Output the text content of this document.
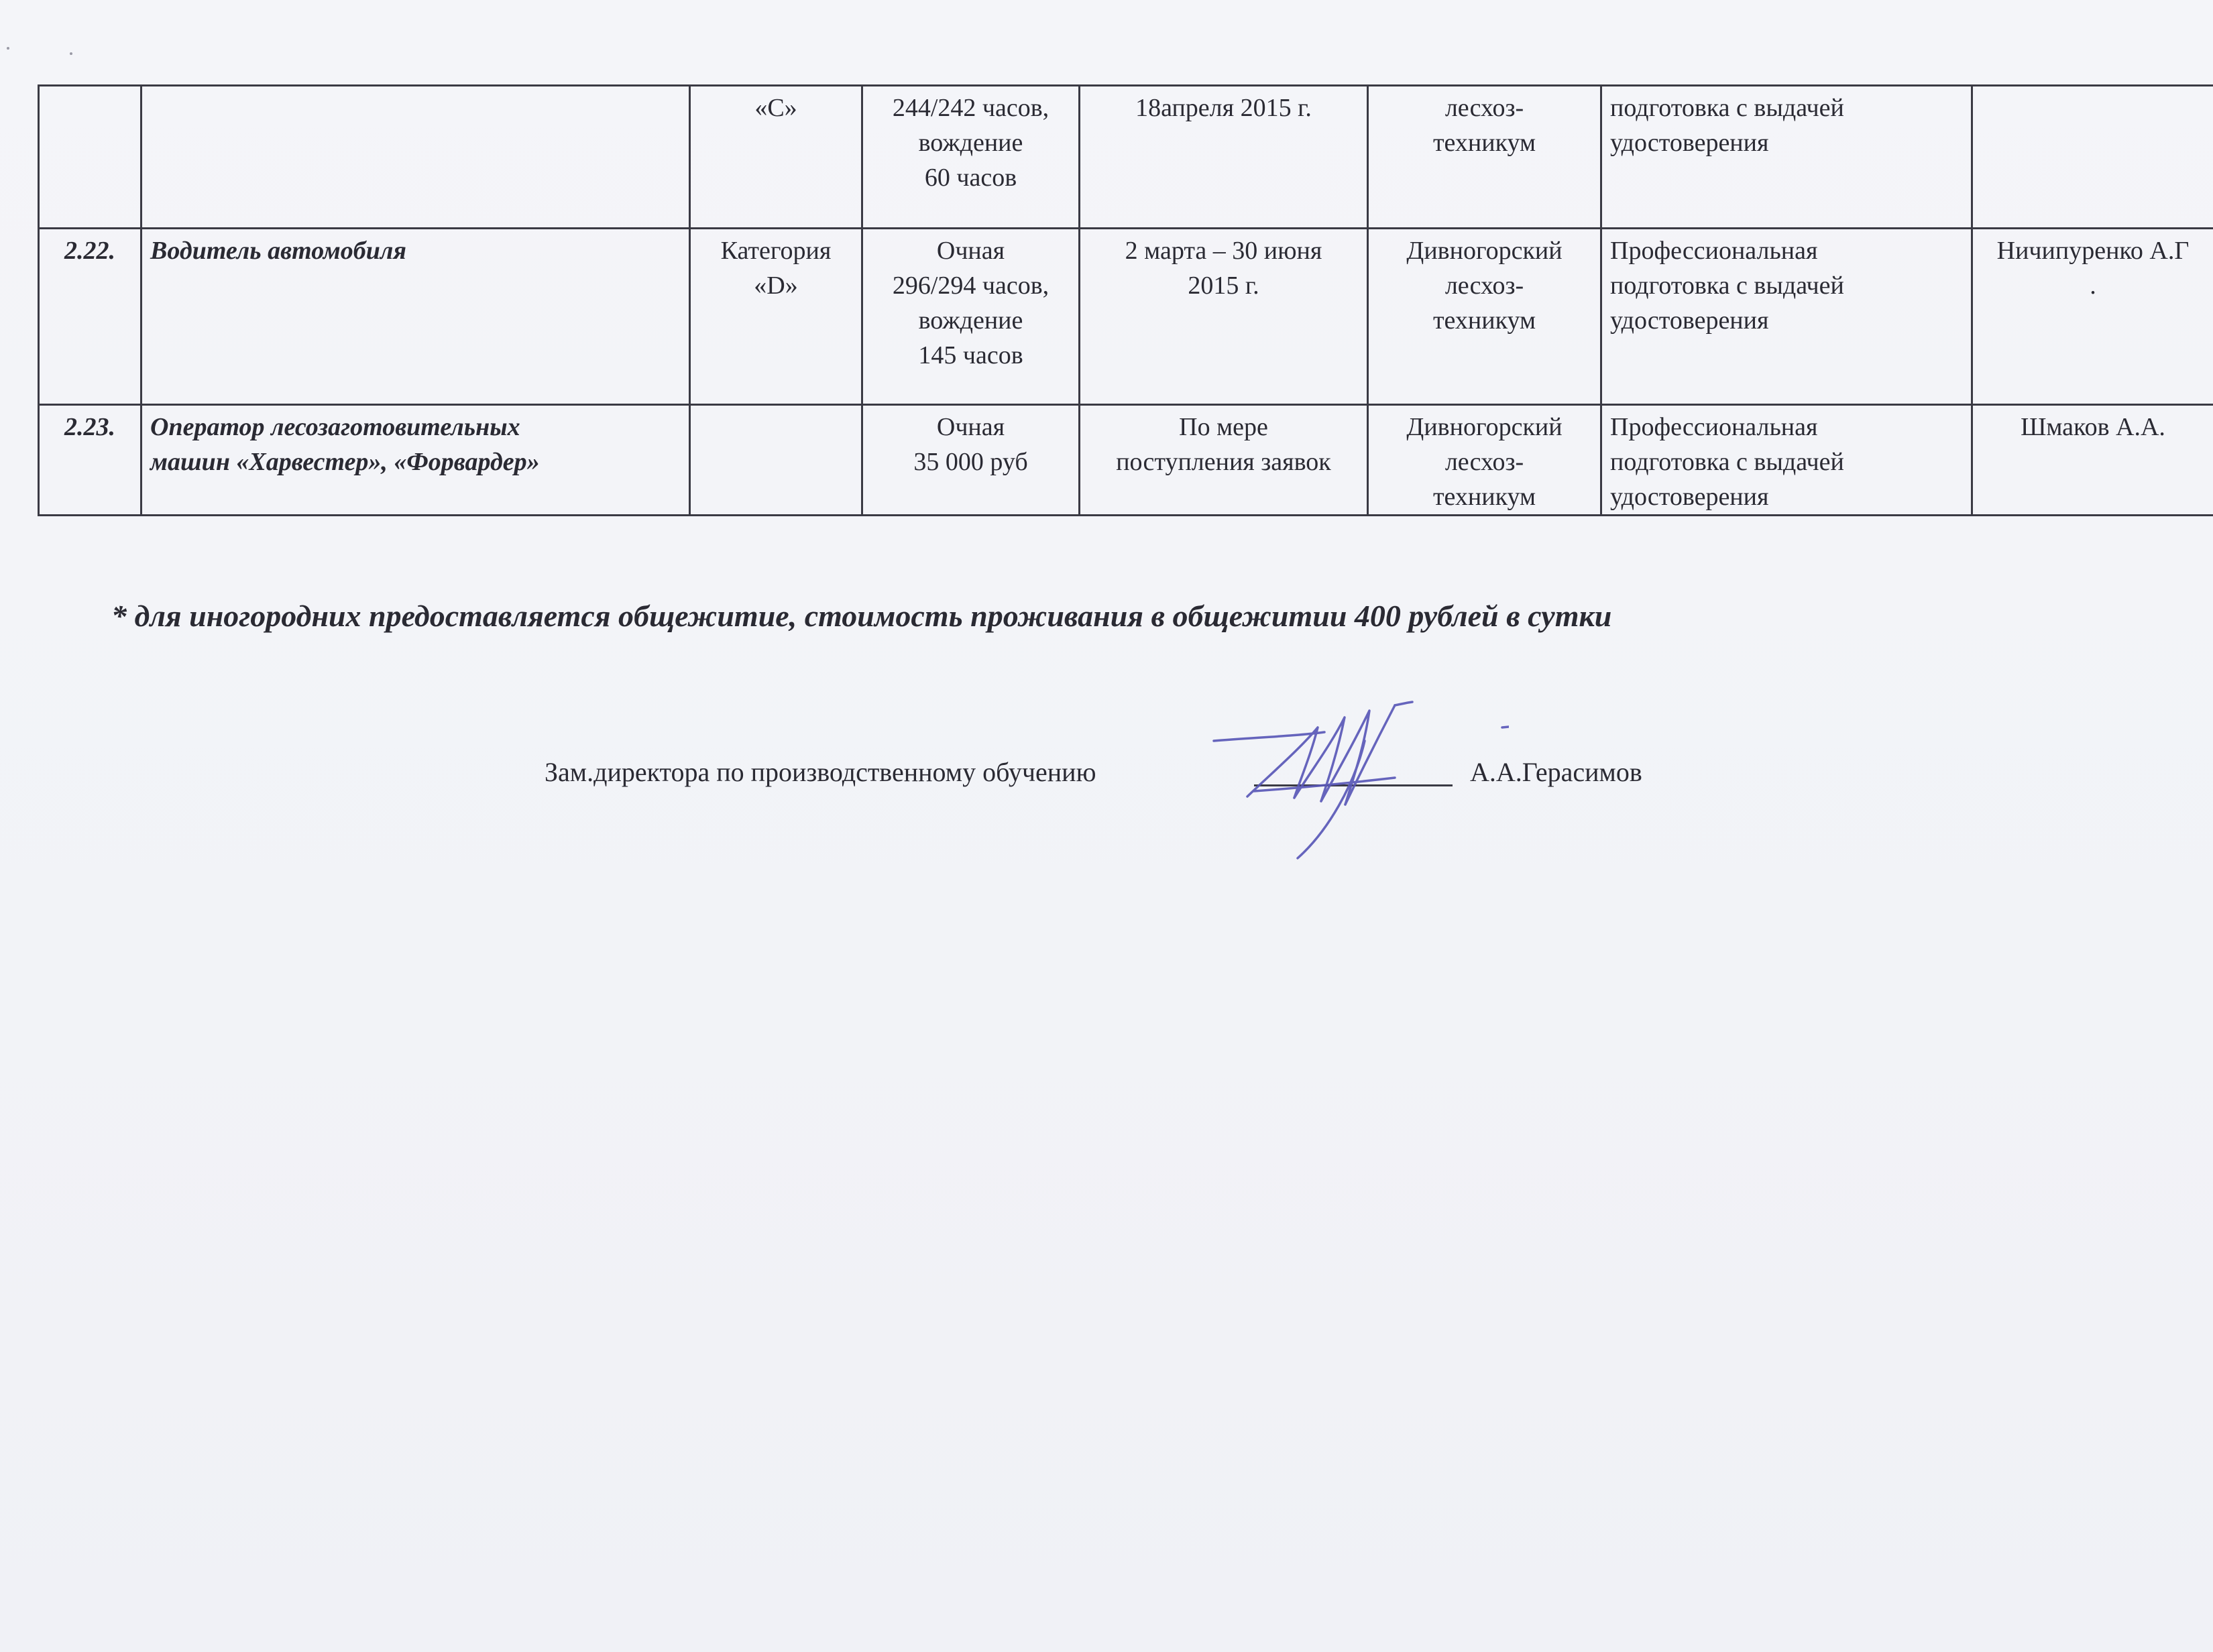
		«С»	244/242 часов,
вождение
60 часов	18апреля 2015 г.	лесхоз-
техникум	подготовка с выдачей
удостоверения	

2.22.	Водитель автомобиля	Категория
«D»	Очная
296/294 часов,
вождение
145 часов	2 марта – 30 июня
2015 г.	Дивногорский
лесхоз-
техникум	Профессиональная
подготовка с выдачей
удостоверения	Ничипуренко А.Г
.

2.23.	Оператор лесозаготовительных
машин «Харвестер», «Форвардер»		Очная
35 000 руб	По мере
поступления заявок	Дивногорский
лесхоз-
техникум	Профессиональная
подготовка с выдачей
удостоверения	Шмаков А.А.
* для иногородних предоставляется общежитие, стоимость проживания в общежитии 400 рублей в сутки
Зам.директора по производственному обучению	А.А.Герасимов
